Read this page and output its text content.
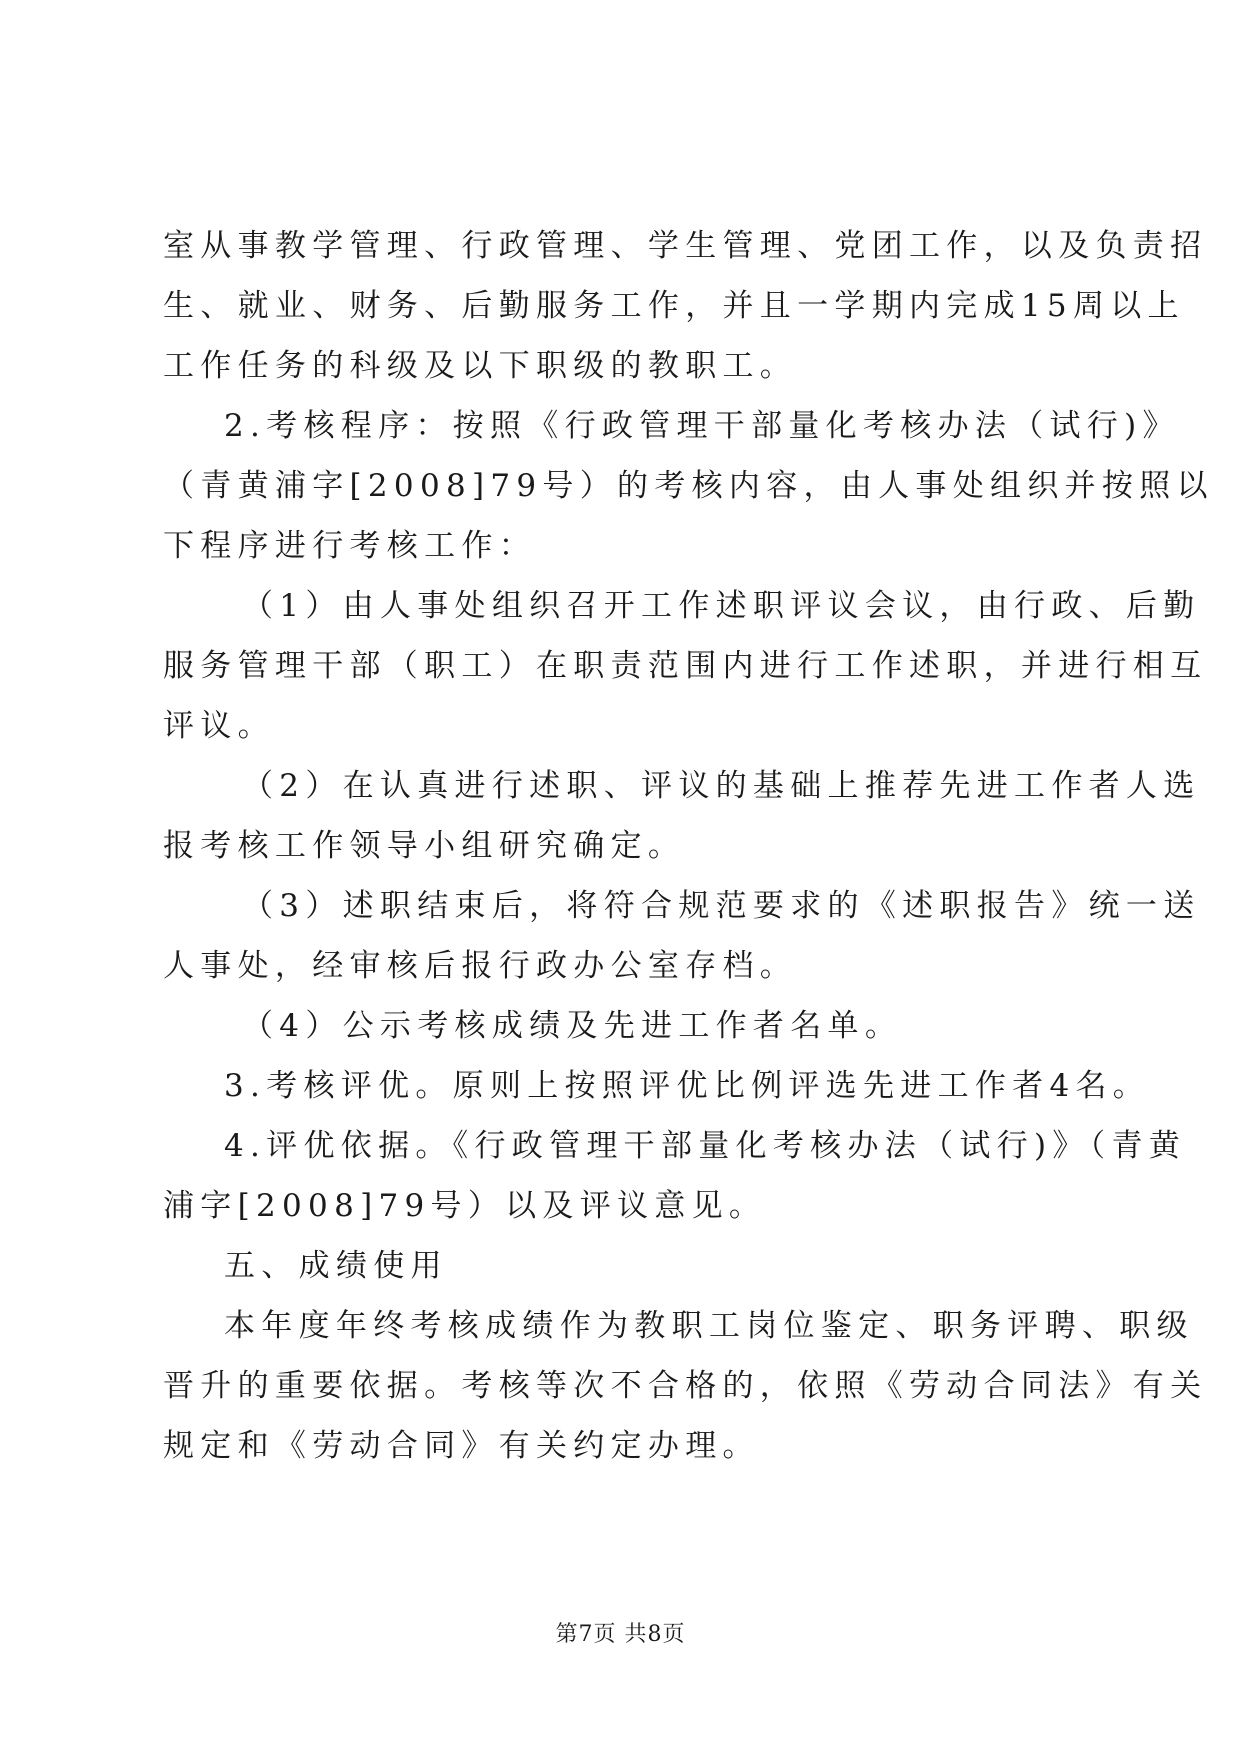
室从事教学管理、行政管理、学生管理、党团工作，以及负责招
生、就业、财务、后勤服务工作，并且一学期内完成15周以上
工作任务的科级及以下职级的教职工。
2.考核程序：按照《行政管理干部量化考核办法（试行)》
（青黄浦字[2008]79号）的考核内容，由人事处组织并按照以
下程序进行考核工作：
（1）由人事处组织召开工作述职评议会议，由行政、后勤
服务管理干部（职工）在职责范围内进行工作述职，并进行相互
评议。
（2）在认真进行述职、评议的基础上推荐先进工作者人选
报考核工作领导小组研究确定。
（3）述职结束后，将符合规范要求的《述职报告》统一送
人事处，经审核后报行政办公室存档。
（4）公示考核成绩及先进工作者名单。
3.考核评优。原则上按照评优比例评选先进工作者4名。
4.评优依据。《行政管理干部量化考核办法（试行)》（青黄
浦字[2008]79号）以及评议意见。
五、成绩使用
本年度年终考核成绩作为教职工岗位鉴定、职务评聘、职级
晋升的重要依据。考核等次不合格的，依照《劳动合同法》有关
规定和《劳动合同》有关约定办理。
第7页 共8页
